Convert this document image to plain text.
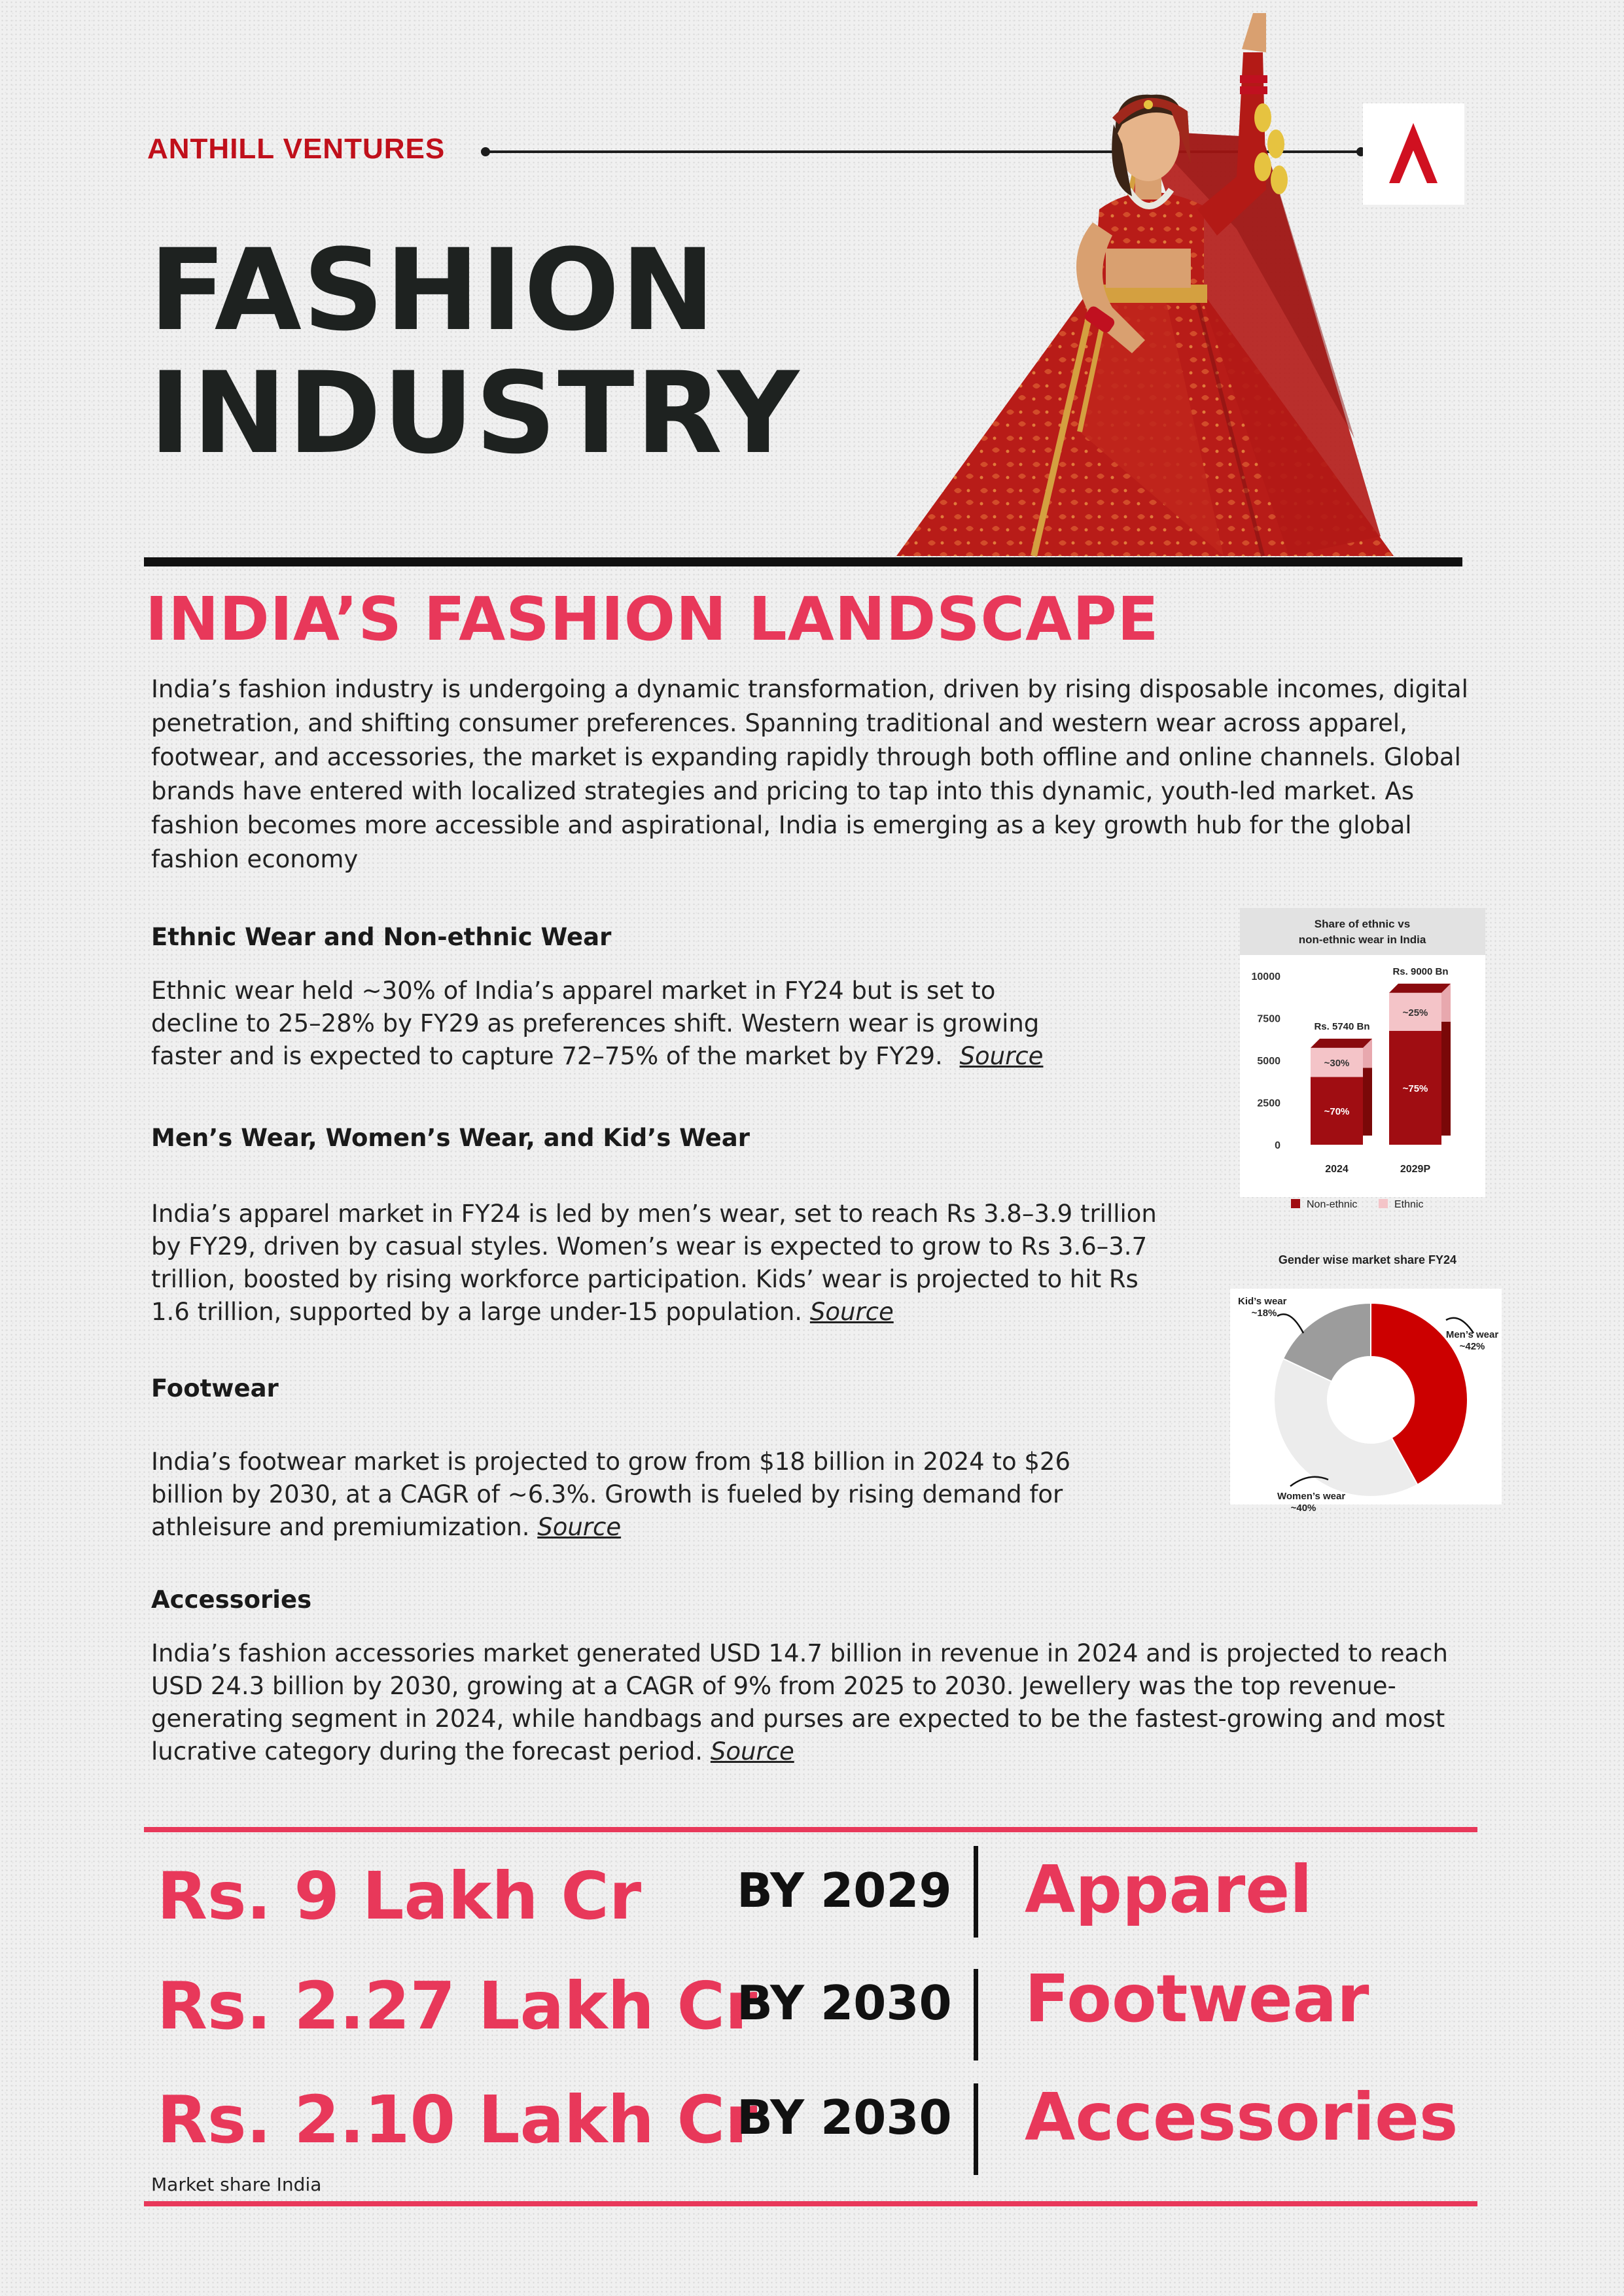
ANTHILL VENTURES
FASHION
INDUSTRY
INDIA’S FASHION LANDSCAPE
India’s fashion industry is undergoing a dynamic transformation, driven by rising disposable incomes, digital penetration, and shifting consumer preferences. Spanning traditional and western wear across apparel, footwear, and accessories, the market is expanding rapidly through both offline and online channels. Global brands have entered with localized strategies and pricing to tap into this dynamic, youth-led market. As fashion becomes more accessible and aspirational, India is emerging as a key growth hub for the global fashion economy
Ethnic Wear and Non-ethnic Wear
Ethnic wear held ~30% of India’s apparel market in FY24 but is set to decline to 25–28% by FY29 as preferences shift. Western wear is growing faster and is expected to capture 72–75% of the market by FY29. Source
Men’s Wear, Women’s Wear, and Kid’s Wear
India’s apparel market in FY24 is led by men’s wear, set to reach Rs 3.8–3.9 trillion by FY29, driven by casual styles. Women’s wear is expected to grow to Rs 3.6–3.7 trillion, boosted by rising workforce participation. Kids’ wear is projected to hit Rs 1.6 trillion, supported by a large under-15 population. Source
Footwear
India’s footwear market is projected to grow from $18 billion in 2024 to $26 billion by 2030, at a CAGR of ~6.3%. Growth is fueled by rising demand for athleisure and premiumization. Source
Accessories
India’s fashion accessories market generated USD 14.7 billion in revenue in 2024 and is projected to reach USD 24.3 billion by 2030, growing at a CAGR of 9% from 2025 to 2030. Jewellery was the top revenue-generating segment in 2024, while handbags and purses are expected to be the fastest-growing and most lucrative category during the forecast period. Source
Share of ethnic vs
non-ethnic wear in India
10000
7500
5000
2500
0
~70%
~30%
Rs. 5740 Bn
2024
~75%
~25%
Rs. 9000 Bn
2029P
Non-ethnic	Ethnic
Gender wise market share FY24
Men’s wear
~42%
Women’s wear
~40%
Kid’s wear
~18%
Rs. 9 Lakh Cr BY 2029 Apparel
Rs. 2.27 Lakh Cr
BY 2030 Footwear
Rs. 2.10 Lakh Cr
BY 2030 Accessories
Market share India
